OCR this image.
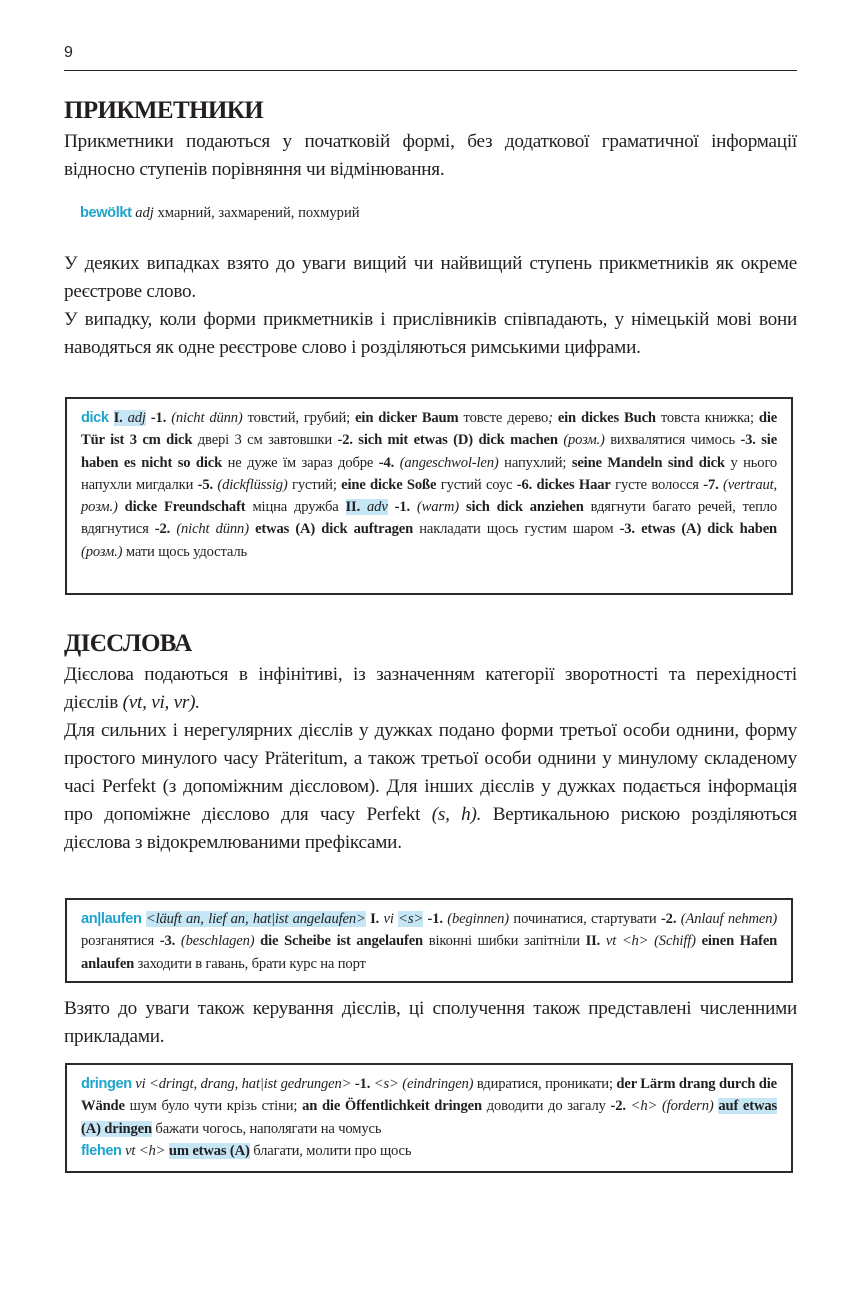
9
ПРИКМЕТНИКИ

Прикметники подаються у початковій формі, без додаткової граматичної інформації відносно ступенів порівняння чи відмінювання.

bewölkt adj хмарний, захмарений, похмурий

У деяких випадках взято до уваги вищий чи найвищий ступень прикметників як окреме реєстрове слово.

У випадку, коли форми прикметників і прислівників співпадають, у німецькій мові вони наводяться як одне реєстрове слово і розділяються римськими цифрами.

dick I. adj -1. (nicht dünn) товстий, грубий; ein dicker Baum товсте дерево; ein dickes Buch товста книжка; die Tür ist 3 cm dick двері 3 см завтовшки -2. sich mit etwas (D) dick machen (розм.) вихвалятися чимось -3. sie haben es nicht so dick не дуже їм зараз добре -4. (angeschwol-len) напухлий; seine Mandeln sind dick у нього напухли мигдалки -5. (dickflüssig) густий; eine dicke Soße густий соус -6. dickes Haar густе волосся -7. (vertraut, розм.) dicke Freundschaft міцна дружба II. adv -1. (warm) sich dick anziehen вдягнути багато речей, тепло вдягнутися -2. (nicht dünn) etwas (A) dick auftragen накладати щось густим шаром -3. etwas (A) dick haben (розм.) мати щось удосталь

ДІЄСЛОВА

Дієслова подаються в інфінітиві, із зазначенням категорії зворотності та перехідності дієслів (vt, vi, vr).

Для сильних і нерегулярних дієслів у дужках подано форми третьої особи однини, форму простого минулого часу Präteritum, а також третьої особи однини у минулому складеному часі Perfekt (з допоміжним дієсловом). Для інших дієслів у дужках подається інформація про допоміжне дієслово для часу Perfekt (s, h). Вертикальною рискою розділяються дієслова з відокремлюваними префіксами.

an|laufen <läuft an, lief an, hat|ist angelaufen> I. vi <s> -1. (beginnen) починатися, стартувати -2. (Anlauf nehmen) розганятися -3. (beschlagen) die Scheibe ist angelaufen віконні шибки запітніли II. vt <h> (Schiff) einen Hafen anlaufen заходити в гавань, брати курс на порт

Взято до уваги також керування дієслів, ці сполучення також представлені численними прикладами.

dringen vi <dringt, drang, hat|ist gedrungen> -1. <s> (eindringen) вдиратися, проникати; der Lärm drang durch die Wände шум було чути крізь стіни; an die Öffentlichkeit dringen доводити до загалу -2. <h> (fordern) auf etwas (A) dringen бажати чогось, наполягати на чомусь

flehen vt <h> um etwas (A) благати, молити про щось
